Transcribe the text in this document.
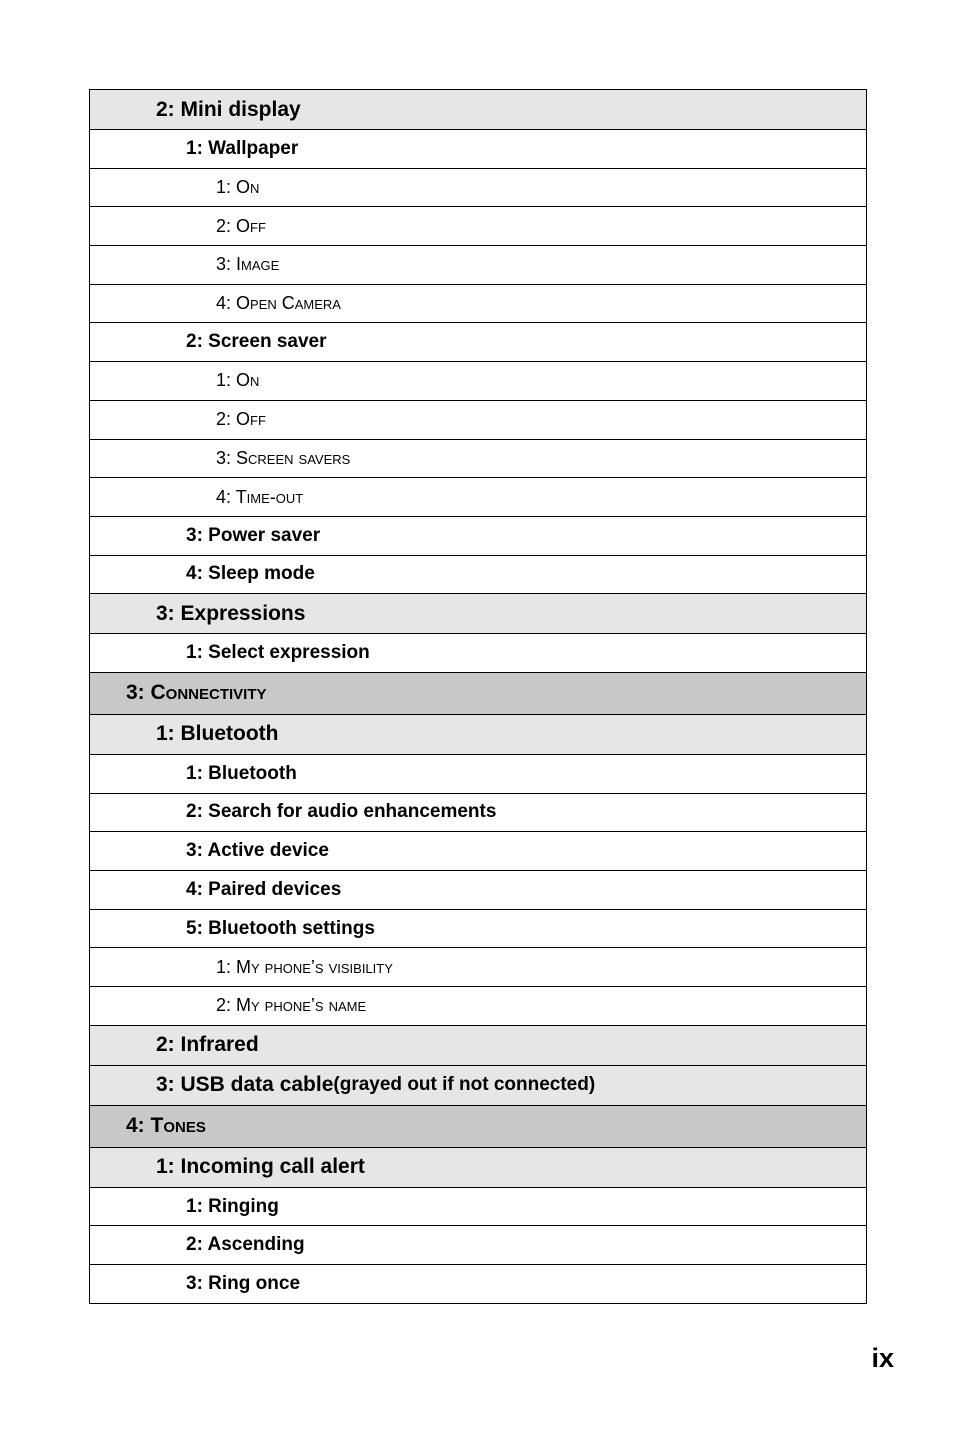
2: Mini display
1: Wallpaper
1: On
2: Off
3: Image
4: Open Camera
2: Screen saver
1: On
2: Off
3: Screen savers
4: Time-out
3: Power saver
4: Sleep mode
3: Expressions
1: Select expression
3: Connectivity
1: Bluetooth
1: Bluetooth
2: Search for audio enhancements
3: Active device
4: Paired devices
5: Bluetooth settings
1: My phone’s visibility
2: My phone’s name
2: Infrared
3: USB data cable (grayed out if not connected)
4: Tones
1: Incoming call alert
1: Ringing
2: Ascending
3: Ring once
ix
